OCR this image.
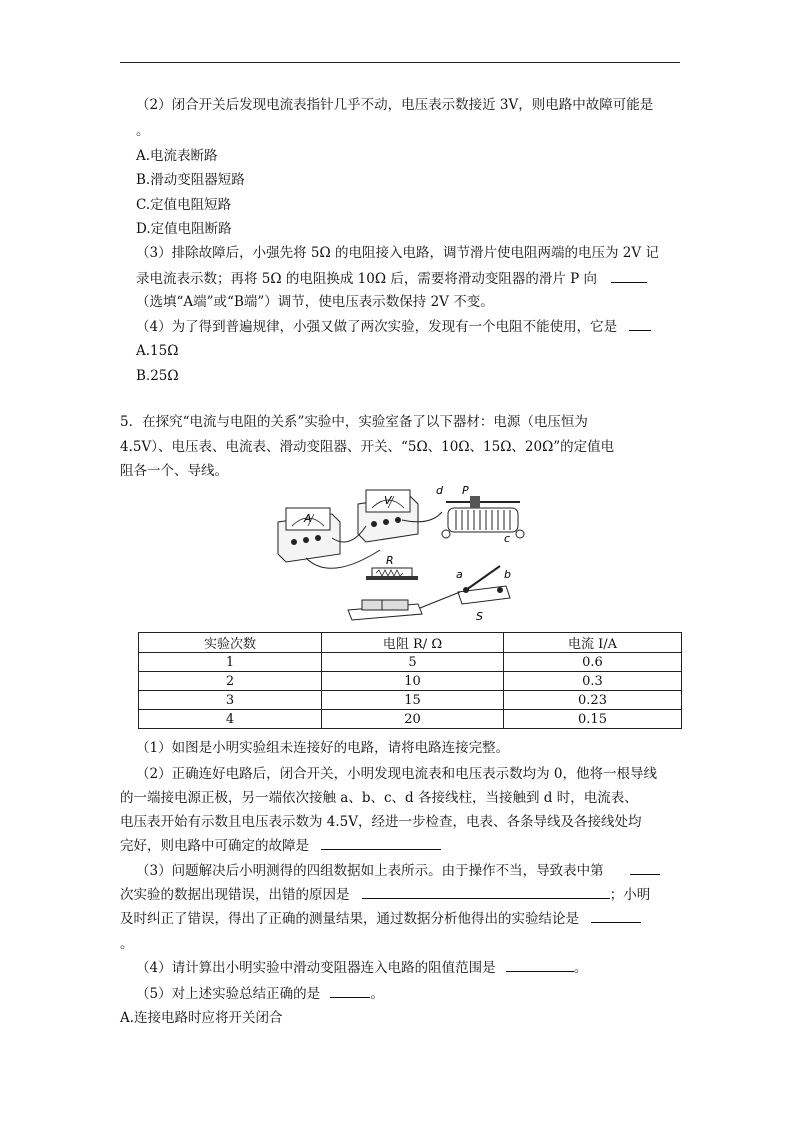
（2）闭合开关后发现电流表指针几乎不动，电压表示数接近 3V，则电路中故障可能是
。
A.电流表断路
B.滑动变阻器短路
C.定值电阻短路
D.定值电阻断路
（3）排除故障后，小强先将 5Ω 的电阻接入电路，调节滑片使电阻两端的电压为 2V 记
录电流表示数；再将 5Ω 的电阻换成 10Ω 后，需要将滑动变阻器的滑片 P 向
（选填“A端”或“B端”）调节，使电压表示数保持 2V 不变。
（4）为了得到普遍规律，小强又做了两次实验，发现有一个电阻不能使用，它是
A.15Ω
B.25Ω
5．在探究“电流与电阻的关系”实验中，实验室备了以下器材：电源（电压恒为
4.5V）、电压表、电流表、滑动变阻器、开关、“5Ω、10Ω、15Ω、20Ω”的定值电
阻各一个、导线。
A
V
d P
c
R
a	b
S
实验次数	电阻 R/ Ω	电流 I/A
1	5	0.6
2	10	0.3
3	15	0.23
4	20	0.15
（1）如图是小明实验组未连接好的电路，请将电路连接完整。
（2）正确连好电路后，闭合开关，小明发现电流表和电压表示数均为 0，他将一根导线
的一端接电源正极，另一端依次接触 a、b、c、d 各接线柱，当接触到 d 时，电流表、
电压表开始有示数且电压表示数为 4.5V，经进一步检查，电表、各条导线及各接线处均
完好，则电路中可确定的故障是
（3）问题解决后小明测得的四组数据如上表所示。由于操作不当，导致表中第
次实验的数据出现错误，出错的原因是	；小明
及时纠正了错误，得出了正确的测量结果，通过数据分析他得出的实验结论是
。
（4）请计算出小明实验中滑动变阻器连入电路的阻值范围是	。
（5）对上述实验总结正确的是	。
A.连接电路时应将开关闭合
